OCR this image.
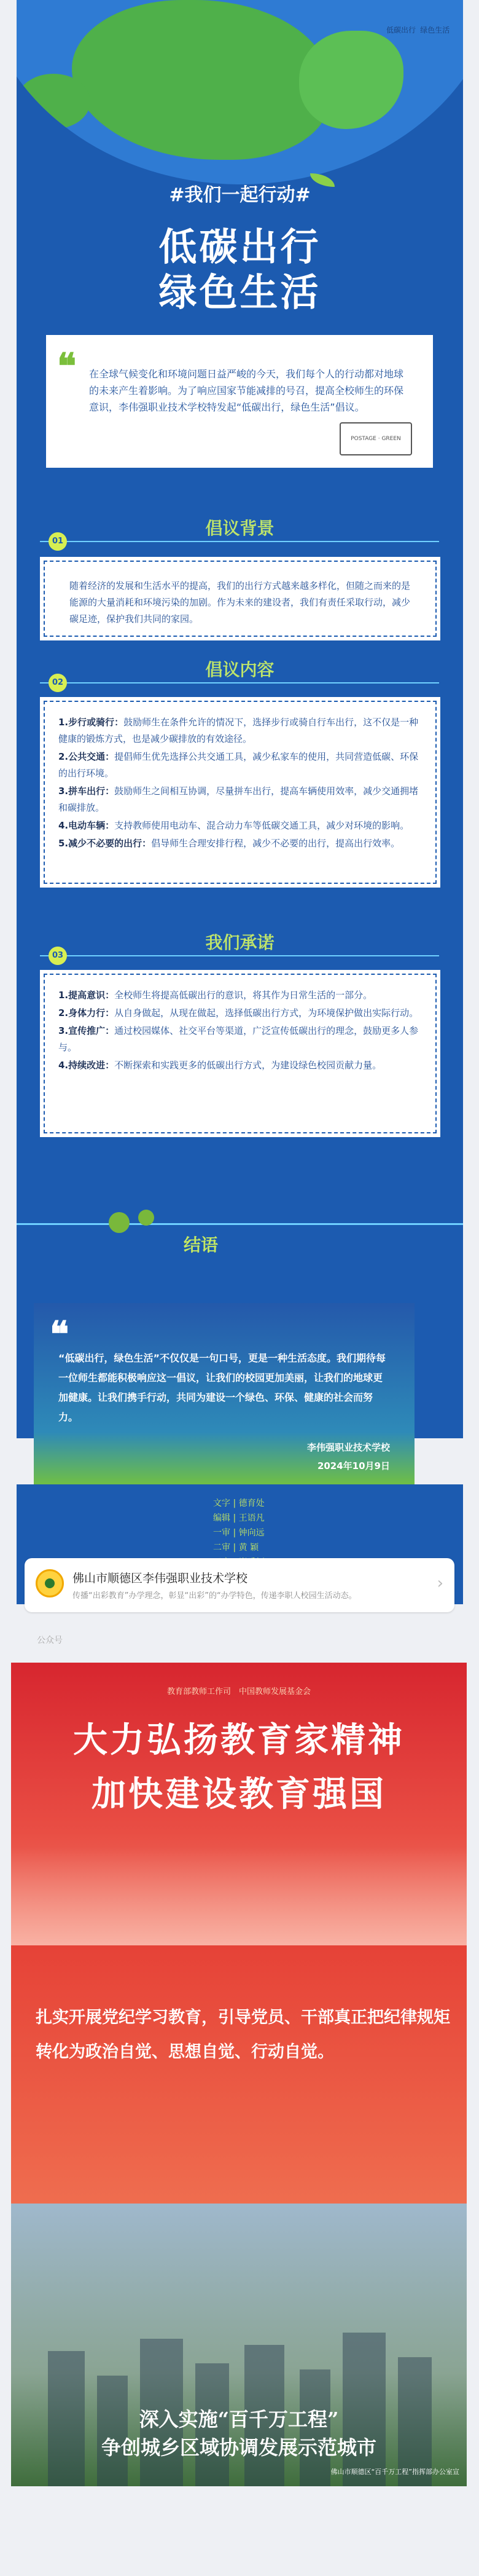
低碳出行 绿色生活
#我们一起行动#
低碳出行
绿色生活
❝ 在全球气候变化和环境问题日益严峻的今天，我们每个人的行动都对地球的未来产生着影响。为了响应国家节能减排的号召，提高全校师生的环保意识，李伟强职业技术学校特发起“低碳出行，绿色生活”倡议。
POSTAGE · GREEN
01
倡议背景

随着经济的发展和生活水平的提高，我们的出行方式越来越多样化，但随之而来的是能源的大量消耗和环境污染的加剧。作为未来的建设者，我们有责任采取行动，减少碳足迹，保护我们共同的家园。

02
倡议内容

1.步行或骑行：鼓励师生在条件允许的情况下，选择步行或骑自行车出行，这不仅是一种健康的锻炼方式，也是减少碳排放的有效途径。

2.公共交通：提倡师生优先选择公共交通工具，减少私家车的使用，共同营造低碳、环保的出行环境。

3.拼车出行：鼓励师生之间相互协调，尽量拼车出行，提高车辆使用效率，减少交通拥堵和碳排放。

4.电动车辆：支持教师使用电动车、混合动力车等低碳交通工具，减少对环境的影响。

5.减少不必要的出行：倡导师生合理安排行程，减少不必要的出行，提高出行效率。

03
我们承诺

1.提高意识：全校师生将提高低碳出行的意识，将其作为日常生活的一部分。

2.身体力行：从自身做起，从现在做起，选择低碳出行方式，为环境保护做出实际行动。

3.宣传推广：通过校园媒体、社交平台等渠道，广泛宣传低碳出行的理念，鼓励更多人参与。

4.持续改进：不断探索和实践更多的低碳出行方式，为建设绿色校园贡献力量。

结语
❝
“低碳出行，绿色生活”不仅仅是一句口号，更是一种生活态度。我们期待每一位师生都能积极响应这一倡议，让我们的校园更加美丽，让我们的地球更加健康。让我们携手行动，共同为建设一个绿色、环保、健康的社会而努力。
李伟强职业技术学校
2024年10月9日
文字 | 德育处
编辑 | 王语凡
一审 | 钟向远
二审 | 黄 颖
佛山市顺德区李伟强职业技术学校
传播“出彩教育”办学理念，彰显“出彩”的“办学特色，传递李职人校园生活动态。
›
公众号
教育部教师工作司　中国教师发展基金会
大力弘扬教育家精神
加快建设教育强国
扎实开展党纪学习教育，引导党员、干部真正把纪律规矩转化为政治自觉、思想自觉、行动自觉。
深入实施“百千万工程”
争创城乡区域协调发展示范城市
佛山市顺德区“百千万工程”指挥部办公室宣
